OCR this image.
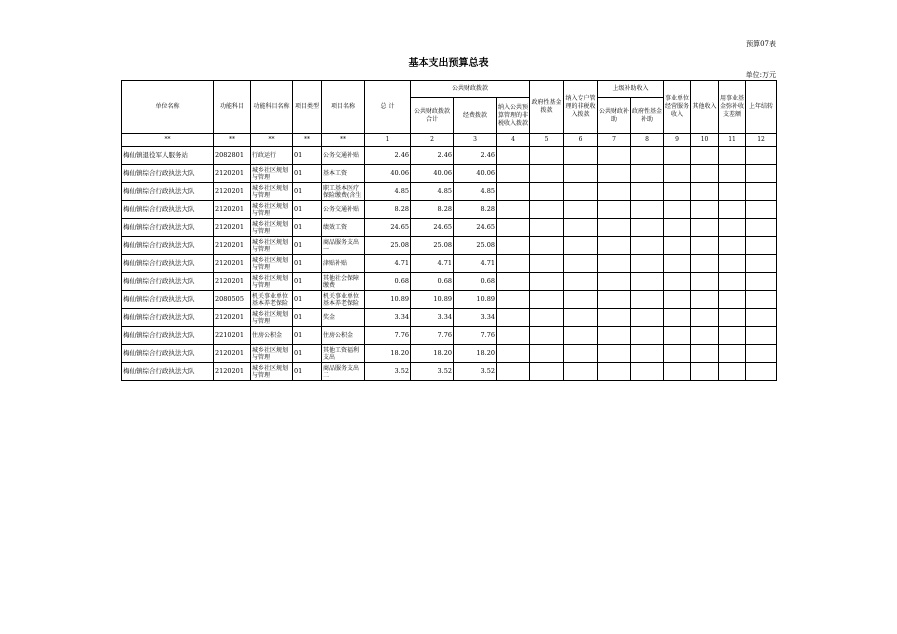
预算07表
基本支出预算总表
单位:万元
单位名称	功能科目	功能科目名称	项目类型	项目名称	总 计	公共财政拨款			政府性基金拨款	纳入专户管理的非税收入拨款	上级补助收入		事业单位经营服务收入	其他收入	用事业基金弥补收支差额	上年结转
						公共财政拨款合计	经费拨款	纳入公共预算管理的非税收入拨款			公共财政补助	政府性基金补助				
**	**	**	**	**	1	2	3	4	5	6	7	8	9	10	11	12
梅仙镇退役军人服务站	2082801	行政运行	01	公务交通补贴	2.46	2.46	2.46									
梅仙镇综合行政执法大队	2120201	城乡社区规划与管理	01	基本工资	40.06	40.06	40.06									
梅仙镇综合行政执法大队	2120201	城乡社区规划与管理	01	职工基本医疗保险缴费(含生	4.85	4.85	4.85									
梅仙镇综合行政执法大队	2120201	城乡社区规划与管理	01	公务交通补贴	8.28	8.28	8.28									
梅仙镇综合行政执法大队	2120201	城乡社区规划与管理	01	绩效工资	24.65	24.65	24.65									
梅仙镇综合行政执法大队	2120201	城乡社区规划与管理	01	商品服务支出一	25.08	25.08	25.08									
梅仙镇综合行政执法大队	2120201	城乡社区规划与管理	01	津贴补贴	4.71	4.71	4.71									
梅仙镇综合行政执法大队	2120201	城乡社区规划与管理	01	其他社会保障缴费	0.68	0.68	0.68									
梅仙镇综合行政执法大队	2080505	机关事业单位基本养老保险	01	机关事业单位基本养老保险	10.89	10.89	10.89									
梅仙镇综合行政执法大队	2120201	城乡社区规划与管理	01	奖金	3.34	3.34	3.34									
梅仙镇综合行政执法大队	2210201	住房公积金	01	住房公积金	7.76	7.76	7.76									
梅仙镇综合行政执法大队	2120201	城乡社区规划与管理	01	其他工资福利支出	18.20	18.20	18.20									
梅仙镇综合行政执法大队	2120201	城乡社区规划与管理	01	商品服务支出二	3.52	3.52	3.52									
